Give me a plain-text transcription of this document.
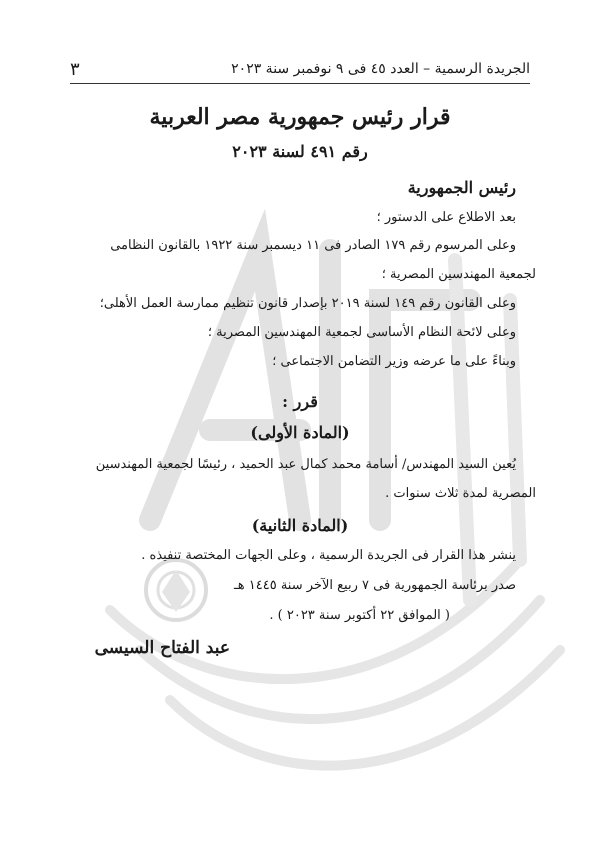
٣	الجريدة الرسمية – العدد ٤٥ فى ٩ نوفمبر سنة ٢٠٢٣
قرار رئيس جمهورية مصر العربية
رقم ٤٩١ لسنة ٢٠٢٣
رئيس الجمهورية
بعد الاطلاع على الدستور ؛
وعلى المرسوم رقم ١٧٩ الصادر فى ١١ ديسمبر سنة ١٩٢٢ بالقانون النظامى
لجمعية المهندسين المصرية ؛
وعلى القانون رقم ١٤٩ لسنة ٢٠١٩ بإصدار قانون تنظيم ممارسة العمل الأهلى؛
وعلى لائحة النظام الأساسى لجمعية المهندسين المصرية ؛
وبناءً على ما عرضه وزير التضامن الاجتماعى ؛
قرر :
(المادة الأولى)
يُعين السيد المهندس/ أسامة محمد كمال عبد الحميد ، رئيسًا لجمعية المهندسين
المصرية لمدة ثلاث سنوات .
(المادة الثانية)
ينشر هذا القرار فى الجريدة الرسمية ، وعلى الجهات المختصة تنفيذه .
صدر برئاسة الجمهورية فى ٧ ربيع الآخر سنة ١٤٤٥ هـ
( الموافق ٢٢ أكتوبر سنة ٢٠٢٣ ) .
عبد الفتاح السيسى
